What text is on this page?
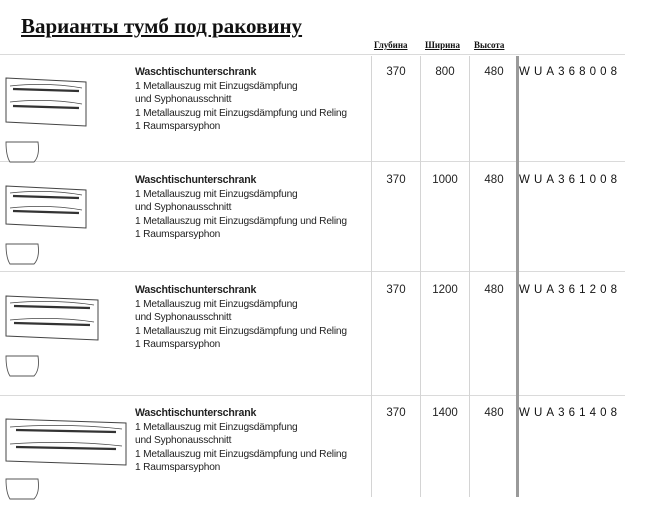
Варианты тумб под раковину
Глубина Ширина Высота
Waschtischunterschrank
1 Metallauszug mit Einzugsdämpfung
und Syphonausschnitt
1 Metallauszug mit Einzugsdämpfung und Reling
1 Raumsparsyphon
370	800	480	WUA368008
Waschtischunterschrank
1 Metallauszug mit Einzugsdämpfung
und Syphonausschnitt
1 Metallauszug mit Einzugsdämpfung und Reling
1 Raumsparsyphon
370	1000	480	WUA361008
Waschtischunterschrank
1 Metallauszug mit Einzugsdämpfung
und Syphonausschnitt
1 Metallauszug mit Einzugsdämpfung und Reling
1 Raumsparsyphon
370	1200	480	WUA361208
Waschtischunterschrank
1 Metallauszug mit Einzugsdämpfung
und Syphonausschnitt
1 Metallauszug mit Einzugsdämpfung und Reling
1 Raumsparsyphon
370	1400	480	WUA361408
